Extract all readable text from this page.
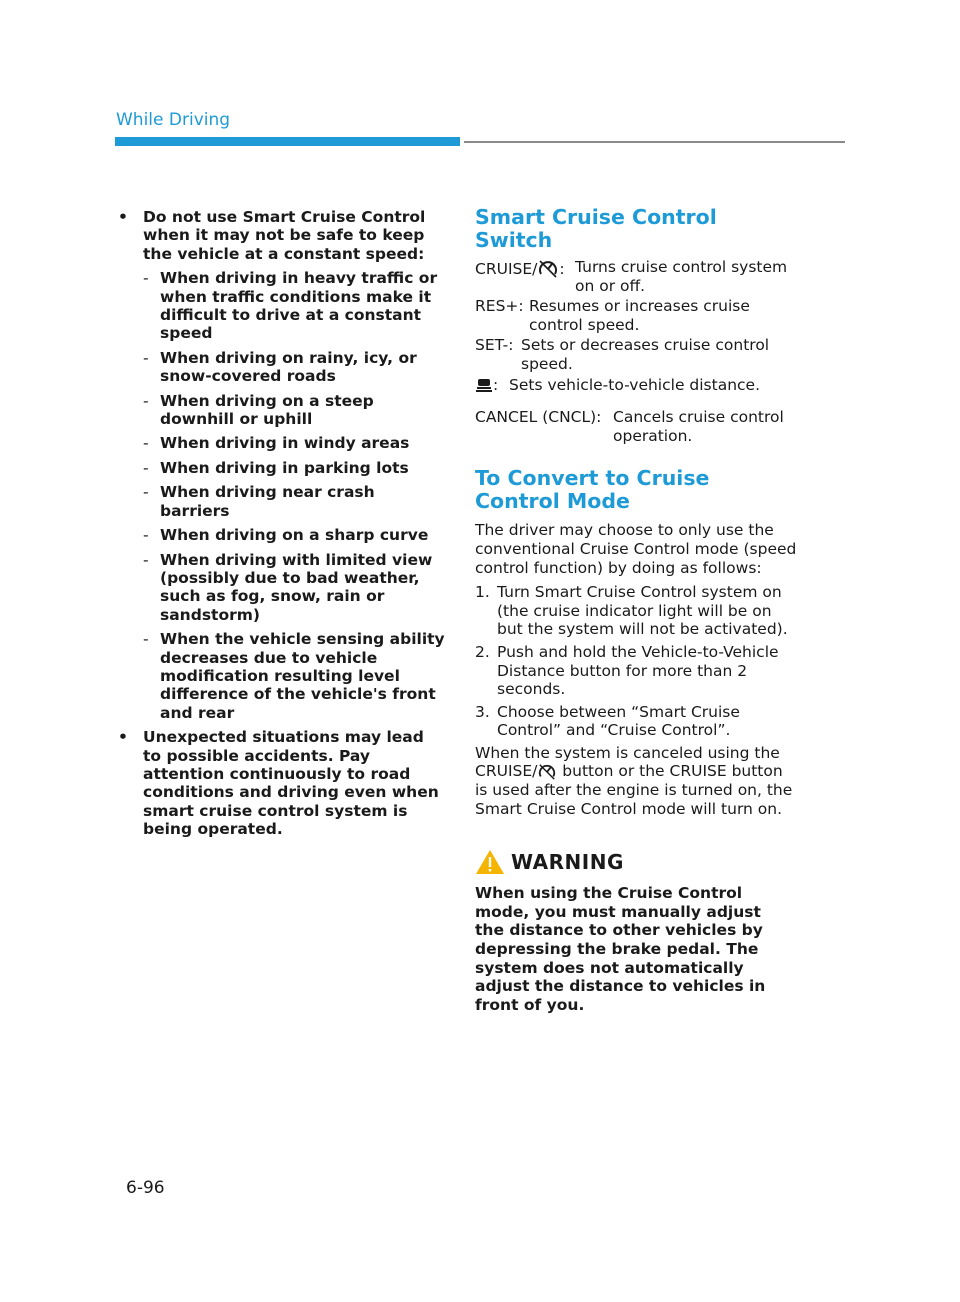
While Driving
• Do not use Smart Cruise Control when it may not be safe to keep the vehicle at a constant speed:
- When driving in heavy traffic or when traffic conditions make it difficult to drive at a constant speed
- When driving on rainy, icy, or snow-covered roads
- When driving on a steep downhill or uphill
- When driving in windy areas
- When driving in parking lots
- When driving near crash barriers
- When driving on a sharp curve
- When driving with limited view (possibly due to bad weather, such as fog, snow, rain or sandstorm)
- When the vehicle sensing ability decreases due to vehicle modification resulting level difference of the vehicle's front and rear
• Unexpected situations may lead to possible accidents. Pay attention continuously to road conditions and driving even when smart cruise control system is being operated.
Smart Cruise Control Switch
CRUISE/ : Turns cruise control system on or off.
RES+: Resumes or increases cruise control speed.
SET-: Sets or decreases cruise control speed.
: Sets vehicle-to-vehicle distance.
CANCEL (CNCL): Cancels cruise control operation.
To Convert to Cruise Control Mode
The driver may choose to only use the conventional Cruise Control mode (speed control function) by doing as follows:
1. Turn Smart Cruise Control system on (the cruise indicator light will be on but the system will not be activated).
2. Push and hold the Vehicle-to-Vehicle Distance button for more than 2 seconds.
3. Choose between “Smart Cruise Control” and “Cruise Control”.
When the system is canceled using the CRUISE/ button or the CRUISE button is used after the engine is turned on, the Smart Cruise Control mode will turn on.
WARNING
When using the Cruise Control mode, you must manually adjust the distance to other vehicles by depressing the brake pedal. The system does not automatically adjust the distance to vehicles in front of you.
6-96
